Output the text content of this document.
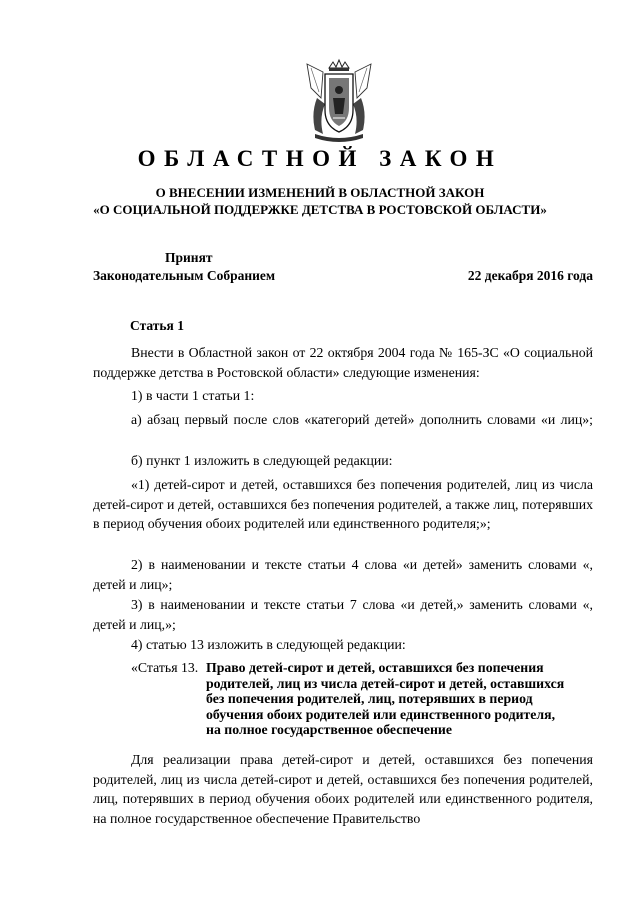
ОБЛАСТНОЙ ЗАКОН
О ВНЕСЕНИИ ИЗМЕНЕНИЙ В ОБЛАСТНОЙ ЗАКОН
«О СОЦИАЛЬНОЙ ПОДДЕРЖКЕ ДЕТСТВА В РОСТОВСКОЙ ОБЛАСТИ»
Принят
Законодательным Собранием	22 декабря 2016 года
Статья 1
Внести в Областной закон от 22 октября 2004 года № 165-ЗС «О социальной поддержке детства в Ростовской области» следующие изменения:
1) в части 1 статьи 1:
а) абзац первый после слов «категорий детей» дополнить словами «и лиц»;
б) пункт 1 изложить в следующей редакции:
«1) детей-сирот и детей, оставшихся без попечения родителей, лиц из числа детей-сирот и детей, оставшихся без попечения родителей, а также лиц, потерявших в период обучения обоих родителей или единственного родителя;»;
2) в наименовании и тексте статьи 4 слова «и детей» заменить словами «, детей и лиц»;
3) в наименовании и тексте статьи 7 слова «и детей,» заменить словами «, детей и лиц,»;
4) статью 13 изложить в следующей редакции:
«Статья 13. Право детей-сирот и детей, оставшихся без попечения
родителей, лиц из числа детей-сирот и детей, оставшихся
без попечения родителей, лиц, потерявших в период
обучения обоих родителей или единственного родителя,
на полное государственное обеспечение
Для реализации права детей-сирот и детей, оставшихся без попечения родителей, лиц из числа детей-сирот и детей, оставшихся без попечения родителей, лиц, потерявших в период обучения обоих родителей или единственного родителя, на полное государственное обеспечение Правительство
